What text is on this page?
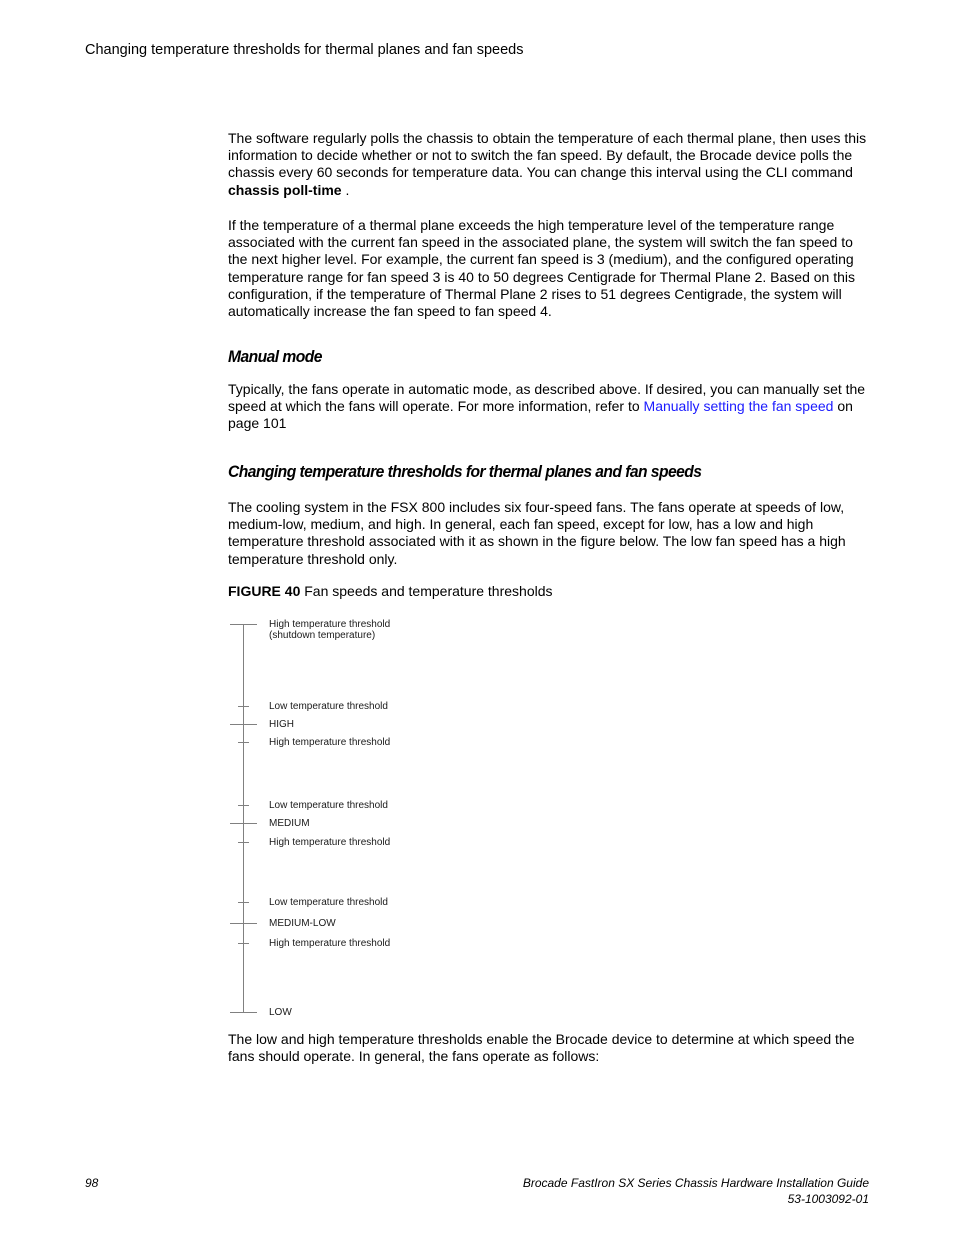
Changing temperature thresholds for thermal planes and fan speeds

The software regularly polls the chassis to obtain the temperature of each thermal plane, then uses this information to decide whether or not to switch the fan speed. By default, the Brocade device polls the chassis every 60 seconds for temperature data. You can change this interval using the CLI command chassis poll-time .

If the temperature of a thermal plane exceeds the high temperature level of the temperature range associated with the current fan speed in the associated plane, the system will switch the fan speed to the next higher level. For example, the current fan speed is 3 (medium), and the configured operating temperature range for fan speed 3 is 40 to 50 degrees Centigrade for Thermal Plane 2. Based on this configuration, if the temperature of Thermal Plane 2 rises to 51 degrees Centigrade, the system will automatically increase the fan speed to fan speed 4.

Manual mode

Typically, the fans operate in automatic mode, as described above. If desired, you can manually set the speed at which the fans will operate. For more information, refer to Manually setting the fan speed on page 101

Changing temperature thresholds for thermal planes and fan speeds

The cooling system in the FSX 800 includes six four-speed fans. The fans operate at speeds of low, medium-low, medium, and high. In general, each fan speed, except for low, has a low and high temperature threshold associated with it as shown in the figure below. The low fan speed has a high temperature threshold only.

FIGURE 40 Fan speeds and temperature thresholds
High temperature threshold
(shutdown temperature)
Low temperature threshold
HIGH
High temperature threshold
Low temperature threshold
MEDIUM
High temperature threshold
Low temperature threshold
MEDIUM-LOW
High temperature threshold
LOW

The low and high temperature thresholds enable the Brocade device to determine at which speed the fans should operate. In general, the fans operate as follows:

98	Brocade FastIron SX Series Chassis Hardware Installation Guide
53-1003092-01
